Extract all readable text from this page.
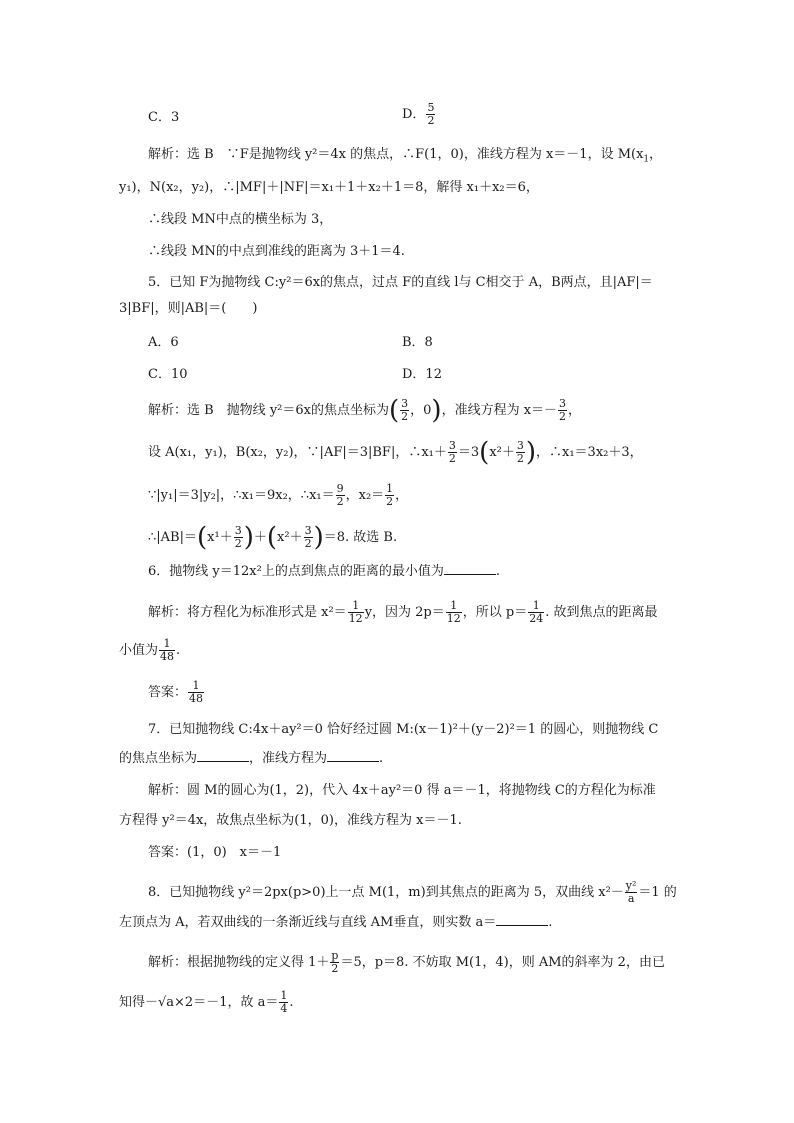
C．3	D． $\frac{5}{2}$
解析：选 B　∵F是抛物线 y²＝4x 的焦点，∴F(1，0)，准线方程为 x＝－1，设 $M(x_1$，
y₁)，N(x₂，y₂)，∴|MF|＋|NF|＝x₁＋1＋x₂＋1＝8，解得 x₁＋x₂＝6，
∴线段 MN中点的横坐标为 3，
∴线段 MN的中点到准线的距离为 3＋1＝4.
5．已知 F为抛物线 C:y²＝6x的焦点，过点 F的直线 l与 C相交于 A，B两点，且|AF|＝
3|BF|，则|AB|＝(　　)
A．6	B．8
C．10	D．12
解析：选 B　抛物线 y²＝6x的焦点坐标为( $\frac{3}{2}$ ，0)，准线方程为 $x=- \frac{3}{2}$ ，
设 A(x₁，y₁)，B(x₂，y₂)，∵|AF|＝3|BF|，∴x₁＋ $\frac{3}{2} =3(x^2+ \frac{3}{2}$ )，∴x₁＝3x₂＋3，
∵|y₁|＝3|y₂|，∴x₁＝9x₂，∴x₁＝ $\frac{9}{2}$ ，$x_2= \frac{1}{2}$ ，
∴|AB|＝(x¹＋ $\frac{3}{2} )+(x^2+ \frac{3}{2} )=8$. 故选 B.
6．抛物线 y＝12x²上的点到焦点的距离的最小值为	.
解析：将方程化为标准形式是 $x^2= \frac{1}{12}$ y，因为 $2p= \frac{1}{12}$ ，所以 $p= \frac{1}{24}$ . 故到焦点的距离最
小值为 $\frac{1}{48}$ .
答案： $\frac{1}{48}$
7．已知抛物线 C:4x＋ay²＝0 恰好经过圆 M:(x－1)²＋(y－2)²＝1 的圆心，则抛物线 C
的焦点坐标为	，准线方程为	.
解析：圆 M的圆心为(1，2)，代入 4x＋ay²＝0 得 a＝－1，将抛物线 C的方程化为标准
方程得 y²＝4x，故焦点坐标为(1，0)，准线方程为 x＝－1.
答案：(1，0)　x＝－1
8．已知抛物线 y²＝2px(p>0)上一点 M(1，m)到其焦点的距离为 5，双曲线 $x^2- \frac{\text{y²}}{a} =1$ 的
左顶点为 A，若双曲线的一条渐近线与直线 AM垂直，则实数 a＝	.
解析：根据抛物线的定义得 $1+ \frac{p}{2} =5$，p＝8. 不妨取 M(1，4)，则 AM的斜率为 2，由已
知得－√a×2＝－1，故 $a= \frac{1}{4}$ .
